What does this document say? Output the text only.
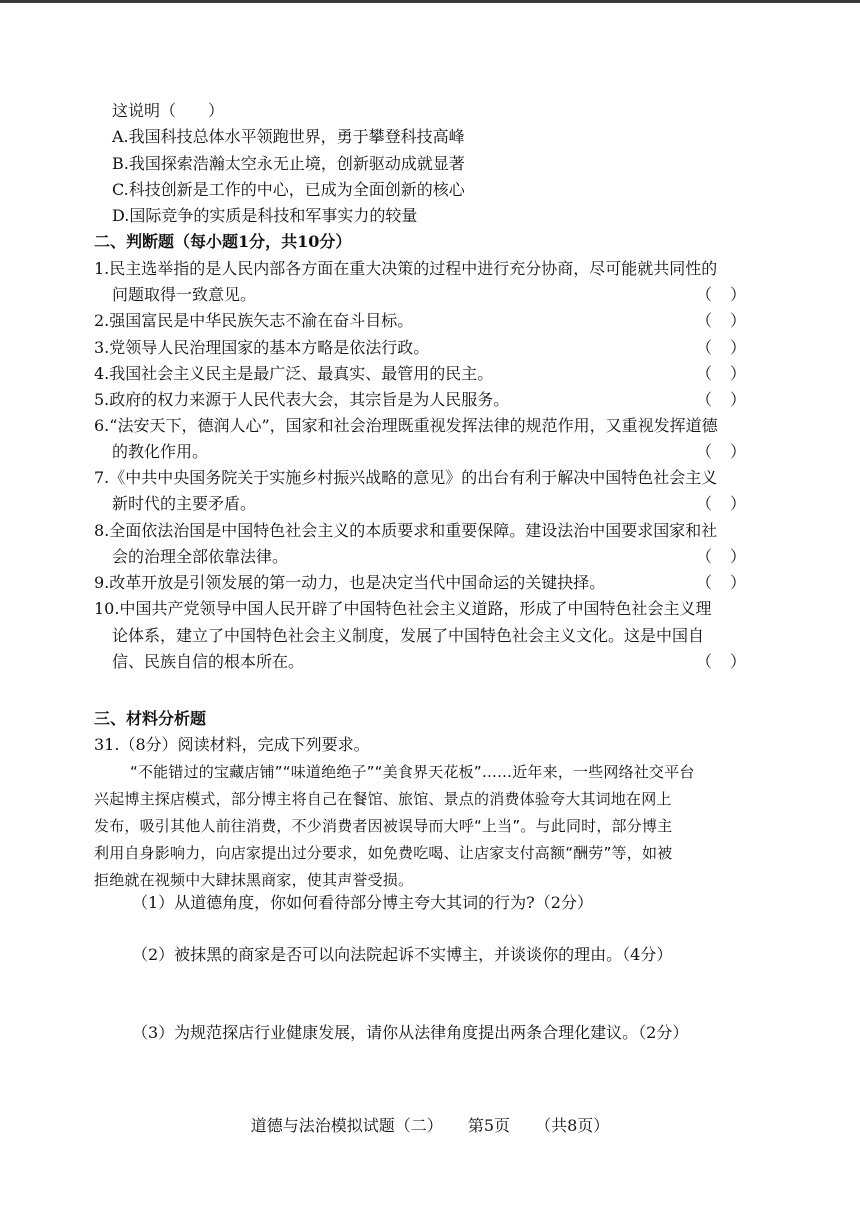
这说明（　　）
A.我国科技总体水平领跑世界，勇于攀登科技高峰
B.我国探索浩瀚太空永无止境，创新驱动成就显著
C.科技创新是工作的中心，已成为全面创新的核心
D.国际竞争的实质是科技和军事实力的较量
二、判断题（每小题1分，共10分）
1.民主选举指的是人民内部各方面在重大决策的过程中进行充分协商，尽可能就共同性的
问题取得一致意见。	（ ）
2.强国富民是中华民族矢志不渝在奋斗目标。	（ ）
3.党领导人民治理国家的基本方略是依法行政。	（ ）
4.我国社会主义民主是最广泛、最真实、最管用的民主。	（ ）
5.政府的权力来源于人民代表大会，其宗旨是为人民服务。	（ ）
6.“法安天下，德润人心”，国家和社会治理既重视发挥法律的规范作用，又重视发挥道德
的教化作用。	（ ）
7.《中共中央国务院关于实施乡村振兴战略的意见》的出台有利于解决中国特色社会主义
新时代的主要矛盾。	（ ）
8.全面依法治国是中国特色社会主义的本质要求和重要保障。建设法治中国要求国家和社
会的治理全部依靠法律。	（ ）
9.改革开放是引领发展的第一动力，也是决定当代中国命运的关键抉择。	（ ）
10.中国共产党领导中国人民开辟了中国特色社会主义道路，形成了中国特色社会主义理
论体系，建立了中国特色社会主义制度，发展了中国特色社会主义文化。这是中国自
信、民族自信的根本所在。	（ ）
三、材料分析题
31.（8分）阅读材料，完成下列要求。
“不能错过的宝藏店铺”“味道绝绝子”“美食界天花板”……近年来，一些网络社交平台
兴起博主探店模式，部分博主将自己在餐馆、旅馆、景点的消费体验夸大其词地在网上
发布，吸引其他人前往消费，不少消费者因被误导而大呼“上当”。与此同时，部分博主
利用自身影响力，向店家提出过分要求，如免费吃喝、让店家支付高额“酬劳”等，如被
拒绝就在视频中大肆抹黑商家，使其声誉受损。
（1）从道德角度，你如何看待部分博主夸大其词的行为?（2分）
（2）被抹黑的商家是否可以向法院起诉不实博主，并谈谈你的理由。（4分）
（3）为规范探店行业健康发展，请你从法律角度提出两条合理化建议。（2分）
道德与法治模拟试题（二） 第5页 （共8页）
